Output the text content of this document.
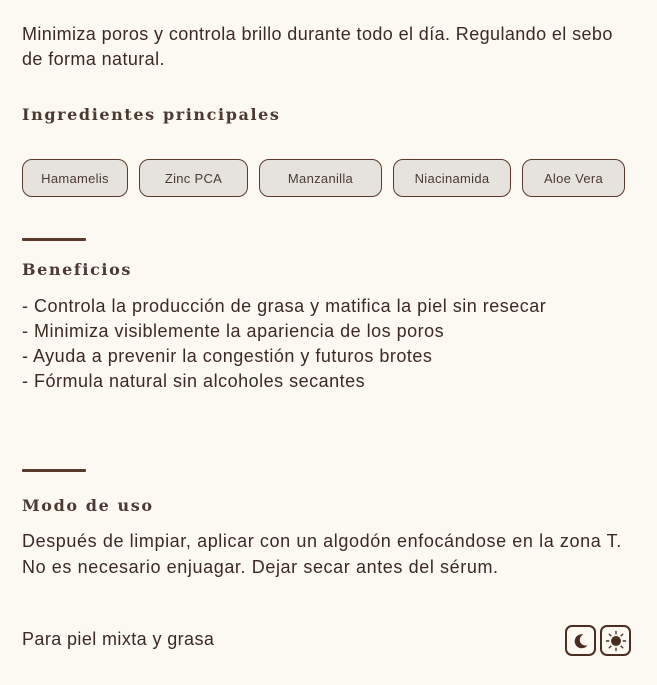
Minimiza poros y controla brillo durante todo el día. Regulando el sebo de forma natural.

Ingredientes principales
Hamamelis	Zinc PCA	Manzanilla	Niacinamida	Aloe Vera
Beneficios
- Controla la producción de grasa y matifica la piel sin resecar
- Minimiza visiblemente la apariencia de los poros
- Ayuda a prevenir la congestión y futuros brotes
- Fórmula natural sin alcoholes secantes
Modo de uso

Después de limpiar, aplicar con un algodón enfocándose en la zona T. No es necesario enjuagar. Dejar secar antes del sérum.

Para piel mixta y grasa
